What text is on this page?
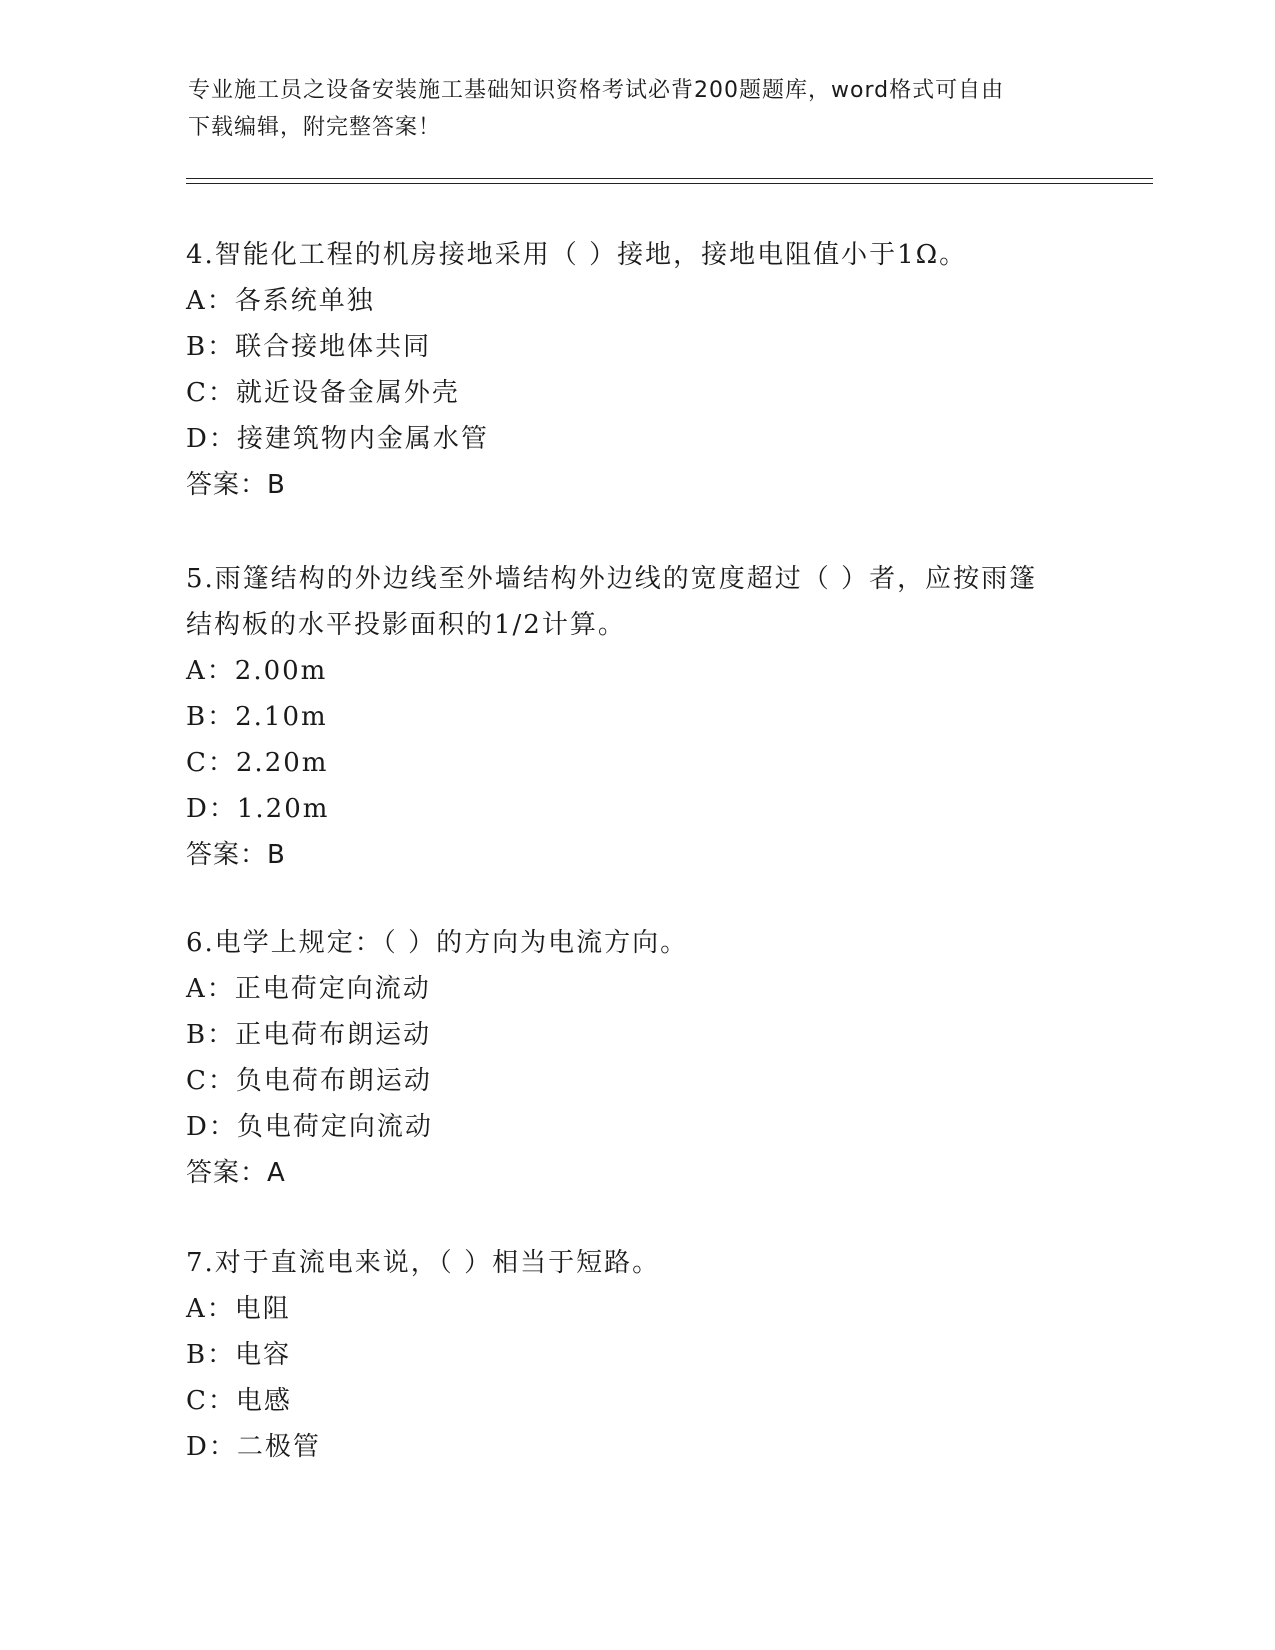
专业施工员之设备安装施工基础知识资格考试必背200题题库，word格式可自由
下载编辑，附完整答案！

4.智能化工程的机房接地采用（ ）接地，接地电阻值小于1Ω。

A：各系统单独

B：联合接地体共同

C：就近设备金属外壳

D：接建筑物内金属水管

答案：B

5.雨篷结构的外边线至外墙结构外边线的宽度超过（ ）者，应按雨篷

结构板的水平投影面积的1/2计算。

A：2.00m

B：2.10m

C：2.20m

D：1.20m

答案：B

6.电学上规定：（ ）的方向为电流方向。

A：正电荷定向流动

B：正电荷布朗运动

C：负电荷布朗运动

D：负电荷定向流动

答案：A

7.对于直流电来说，（ ）相当于短路。

A：电阻

B：电容

C：电感

D：二极管
